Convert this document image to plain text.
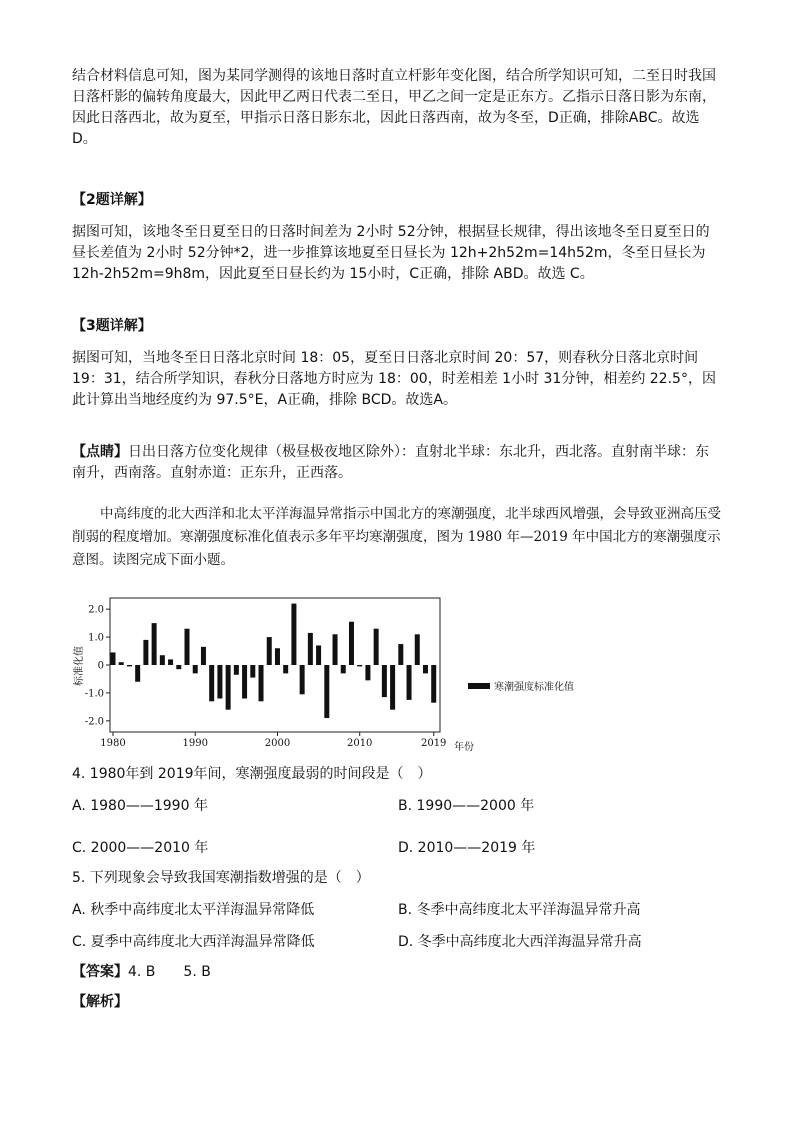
结合材料信息可知，图为某同学测得的该地日落时直立杆影年变化图，结合所学知识可知，二至日时我国日落杆影的偏转角度最大，因此甲乙两日代表二至日，甲乙之间一定是正东方。乙指示日落日影为东南，因此日落西北，故为夏至，甲指示日落日影东北，因此日落西南，故为冬至，D正确，排除ABC。故选D。

【2题详解】

据图可知，该地冬至日夏至日的日落时间差为 2小时 52分钟，根据昼长规律，得出该地冬至日夏至日的昼长差值为 2小时 52分钟*2，进一步推算该地夏至日昼长为 12h+2h52m=14h52m，冬至日昼长为 12h-2h52m=9h8m，因此夏至日昼长约为 15小时，C正确，排除 ABD。故选 C。

【3题详解】

据图可知，当地冬至日日落北京时间 18：05，夏至日日落北京时间 20：57，则春秋分日落北京时间 19：31，结合所学知识，春秋分日落地方时应为 18：00，时差相差 1小时 31分钟，相差约 22.5°，因此计算出当地经度约为 97.5°E，A正确，排除 BCD。故选A。

【点睛】日出日落方位变化规律（极昼极夜地区除外）：直射北半球：东北升，西北落。直射南半球：东南升，西南落。直射赤道：正东升，正西落。

中高纬度的北大西洋和北太平洋海温异常指示中国北方的寒潮强度，北半球西风增强，会导致亚洲高压受削弱的程度增加。寒潮强度标准化值表示多年平均寒潮强度，图为 1980 年—2019 年中国北方的寒潮强度示意图。读图完成下面小题。

2.0
1.0
0
-1.0
-2.0
1980	1990	2000	2010	2019
标准化值
寒潮强度标准化值
年份

4. 1980年到 2019年间，寒潮强度最弱的时间段是（　）

A. 1980——1990 年	B. 1990——2000 年
C. 2000——2010 年	D. 2010——2019 年

5. 下列现象会导致我国寒潮指数增强的是（　）

A. 秋季中高纬度北太平洋海温异常降低	B. 冬季中高纬度北太平洋海温异常升高
C. 夏季中高纬度北大西洋海温异常降低	D. 冬季中高纬度北大西洋海温异常升高
【答案】4. B　　5. B
【解析】
